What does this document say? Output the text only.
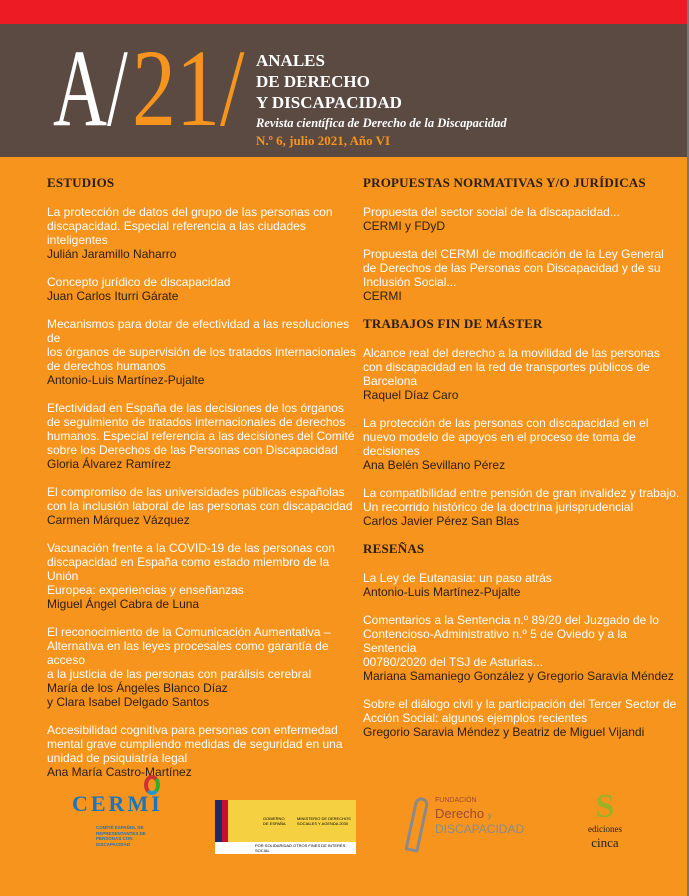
A/ 21/ ANALES
DE DERECHO
Y DISCAPACIDAD
Revista científica de Derecho de la Discapacidad
N.º 6, julio 2021, Año VI
ESTUDIOS
La protección de datos del grupo de las personas con
discapacidad. Especial referencia a las ciudades inteligentes
Julián Jaramillo Naharro
Concepto jurídico de discapacidad
Juan Carlos Iturri Gárate
Mecanismos para dotar de efectividad a las resoluciones de
los órganos de supervisión de los tratados internacionales
de derechos humanos
Antonio-Luis Martínez-Pujalte
Efectividad en España de las decisiones de los órganos
de seguimiento de tratados internacionales de derechos
humanos. Especial referencia a las decisiones del Comité
sobre los Derechos de las Personas con Discapacidad
Gloria Álvarez Ramírez
El compromiso de las universidades públicas españolas
con la inclusión laboral de las personas con discapacidad
Carmen Márquez Vázquez
Vacunación frente a la COVID-19 de las personas con
discapacidad en España como estado miembro de la Unión
Europea: experiencias y enseñanzas
Miguel Ángel Cabra de Luna
El reconocimiento de la Comunicación Aumentativa –
Alternativa en las leyes procesales como garantía de acceso
a la justicia de las personas con parálisis cerebral
María de los Ángeles Blanco Díaz
y Clara Isabel Delgado Santos
Accesibilidad cognitiva para personas con enfermedad
mental grave cumpliendo medidas de seguridad en una
unidad de psiquiatría legal
Ana María Castro-Martínez
PROPUESTAS NORMATIVAS Y/O JURÍDICAS
Propuesta del sector social de la discapacidad...
CERMI y FDyD
Propuesta del CERMI de modificación de la Ley General
de Derechos de las Personas con Discapacidad y de su
Inclusión Social...
CERMI
TRABAJOS FIN DE MÁSTER
Alcance real del derecho a la movilidad de las personas
con discapacidad en la red de transportes públicos de
Barcelona
Raquel Díaz Caro
La protección de las personas con discapacidad en el
nuevo modelo de apoyos en el proceso de toma de
decisiones
Ana Belén Sevillano Pérez
La compatibilidad entre pensión de gran invalidez y trabajo.
Un recorrido histórico de la doctrina jurisprudencial
Carlos Javier Pérez San Blas
RESEÑAS
La Ley de Eutanasia: un paso atrás
Antonio-Luis Martínez-Pujalte
Comentarios a la Sentencia n.º 89/20 del Juzgado de lo
Contencioso-Administrativo n.º 5 de Oviedo y a la Sentencia
00780/2020 del TSJ de Asturias...
Mariana Samaniego González y Gregorio Saravia Méndez
Sobre el diálogo civil y la participación del Tercer Sector de
Acción Social: algunos ejemplos recientes
Gregorio Saravia Méndez y Beatriz de Miguel Vijandi
CERMI
COMITÉ ESPAÑOL DE REPRESENTANTES DE PERSONAS CON DISCAPACIDAD
GOBIERNO DE ESPAÑA
MINISTERIO DE DERECHOS SOCIALES Y AGENDA 2030
POR SOLIDARIDAD OTROS FINES DE INTERÉS SOCIAL
FUNDACIÓN
Derecho y
DISCAPACIDAD
S
ediciones
cinca
